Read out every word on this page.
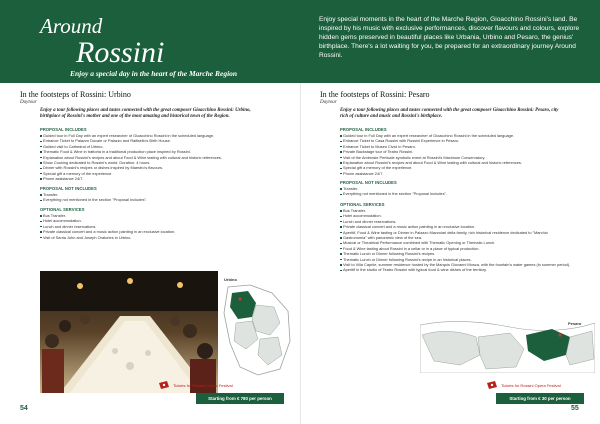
Around
Rossini
Enjoy a special day in the heart of the Marche Region
Enjoy special moments in the heart of the Marche Region, Gioacchino Rossini's land. Be inspired by his music with exclusive performances, discover flavours and colours, explore hidden gems preserved in beautiful places like Urbania, Urbino and Pesaro, the genius' birthplace. There's a lot waiting for you, be prepared for an extraordinary journey Around Rossini.
In the footsteps of Rossini: Urbino
Daytour
Enjoy a tour following places and tastes connected with the great composer Gioacchino Rossini: Urbino,
birthplace of Rossini's mother and one of the most amazing and historical town of the Region.
PROPOSAL INCLUDES
Guided tour in Full Day with an expert researcher of Gioacchino Rossini in the scheduled language.
Entrance Ticket to Palazzo Ducale or Palazzo and Raffaello's Birth House.
Guided visit to Cathedral of Urbino.
Thematic Food & Wine in trattoria in a traditional production place inspired by Rossini.
Explanation about Rossini's recipes and about Food & Wine tasting with cultural and historic references.
Show Cooking dedicated to Rossini's world. Duration: 4 hours.
Dinner with Rossini's recipes or dishes inspired by Maestro's flavours.
Special gift a memory of the experience.
Phone assistance 24/7.
PROPOSAL NOT INCLUDES
Transfer.
Everything not mentioned in the section "Proposal Includes".
OPTIONAL SERVICES
Bus Transfer.
Hotel accommodation.
Lunch and dinner reservations.
Private classical concert and a music action painting in an exclusive location.
Visit of Santa John and Joseph Oratories in Urbino.
Urbino
Tickets for Rossini Opera Festival
Starting from € 780 per person
54
In the footsteps of Rossini: Pesaro
Daytour
Enjoy a tour following places and tastes connected with the great composer Gioacchino Rossini: Pesaro, city
rich of culture and music and Rossini's birthplace.
PROPOSAL INCLUDES
Guided tour in Full Day with an expert researcher of Gioacchino Rossini in the scheduled language.
Entrance Ticket to Casa Rossini with Rossini Experience in Pesaro.
Entrance Ticket to Museo Civici in Pesaro.
Private Backstage tour of Teatro Rossini.
Visit of the Ambrosie Perticale symbolic event at Rossini's Maximum Conservatory.
Explanation about Rossini's recipes and about Food & Wine tasting with cultural and historic references.
Special gift a memory of the experience.
Phone assistance 24/7.
PROPOSAL NOT INCLUDES
Transfer.
Everything not mentioned in the section "Proposal Includes".
OPTIONAL SERVICES
Bus Transfer.
Hotel accommodation.
Lunch and dinner reservations.
Private classical concert and a music action painting in an exclusive location.
Aperitif, Food & Wine tasting or Dinner in Palazzo Mazzolari della family, rich historical residence dedicated to "Marchio
Gastronomia" with panoramic view of the sea.
Musical or Theatrical Performance combined with Thematic Opening or Thematic Lunch.
Food & Wine tasting about Rossini in a cellar or in a place of typical production.
Thematic Lunch or Dinner following Rossini's recipes.
Thematic Lunch or Dinner following Rossini's recipe in an historical places.
Visit to Villa Caprile, summer residence hosted by the Marquis Giovanni Mosca, with the fountain's water games (in summer period).
Aperitif in the studio of Teatro Rossini with typical food & wine dishes of the territory.
Pesaro
Tickets for Rossini Opera Festival
Starting from € 30 per person
55
